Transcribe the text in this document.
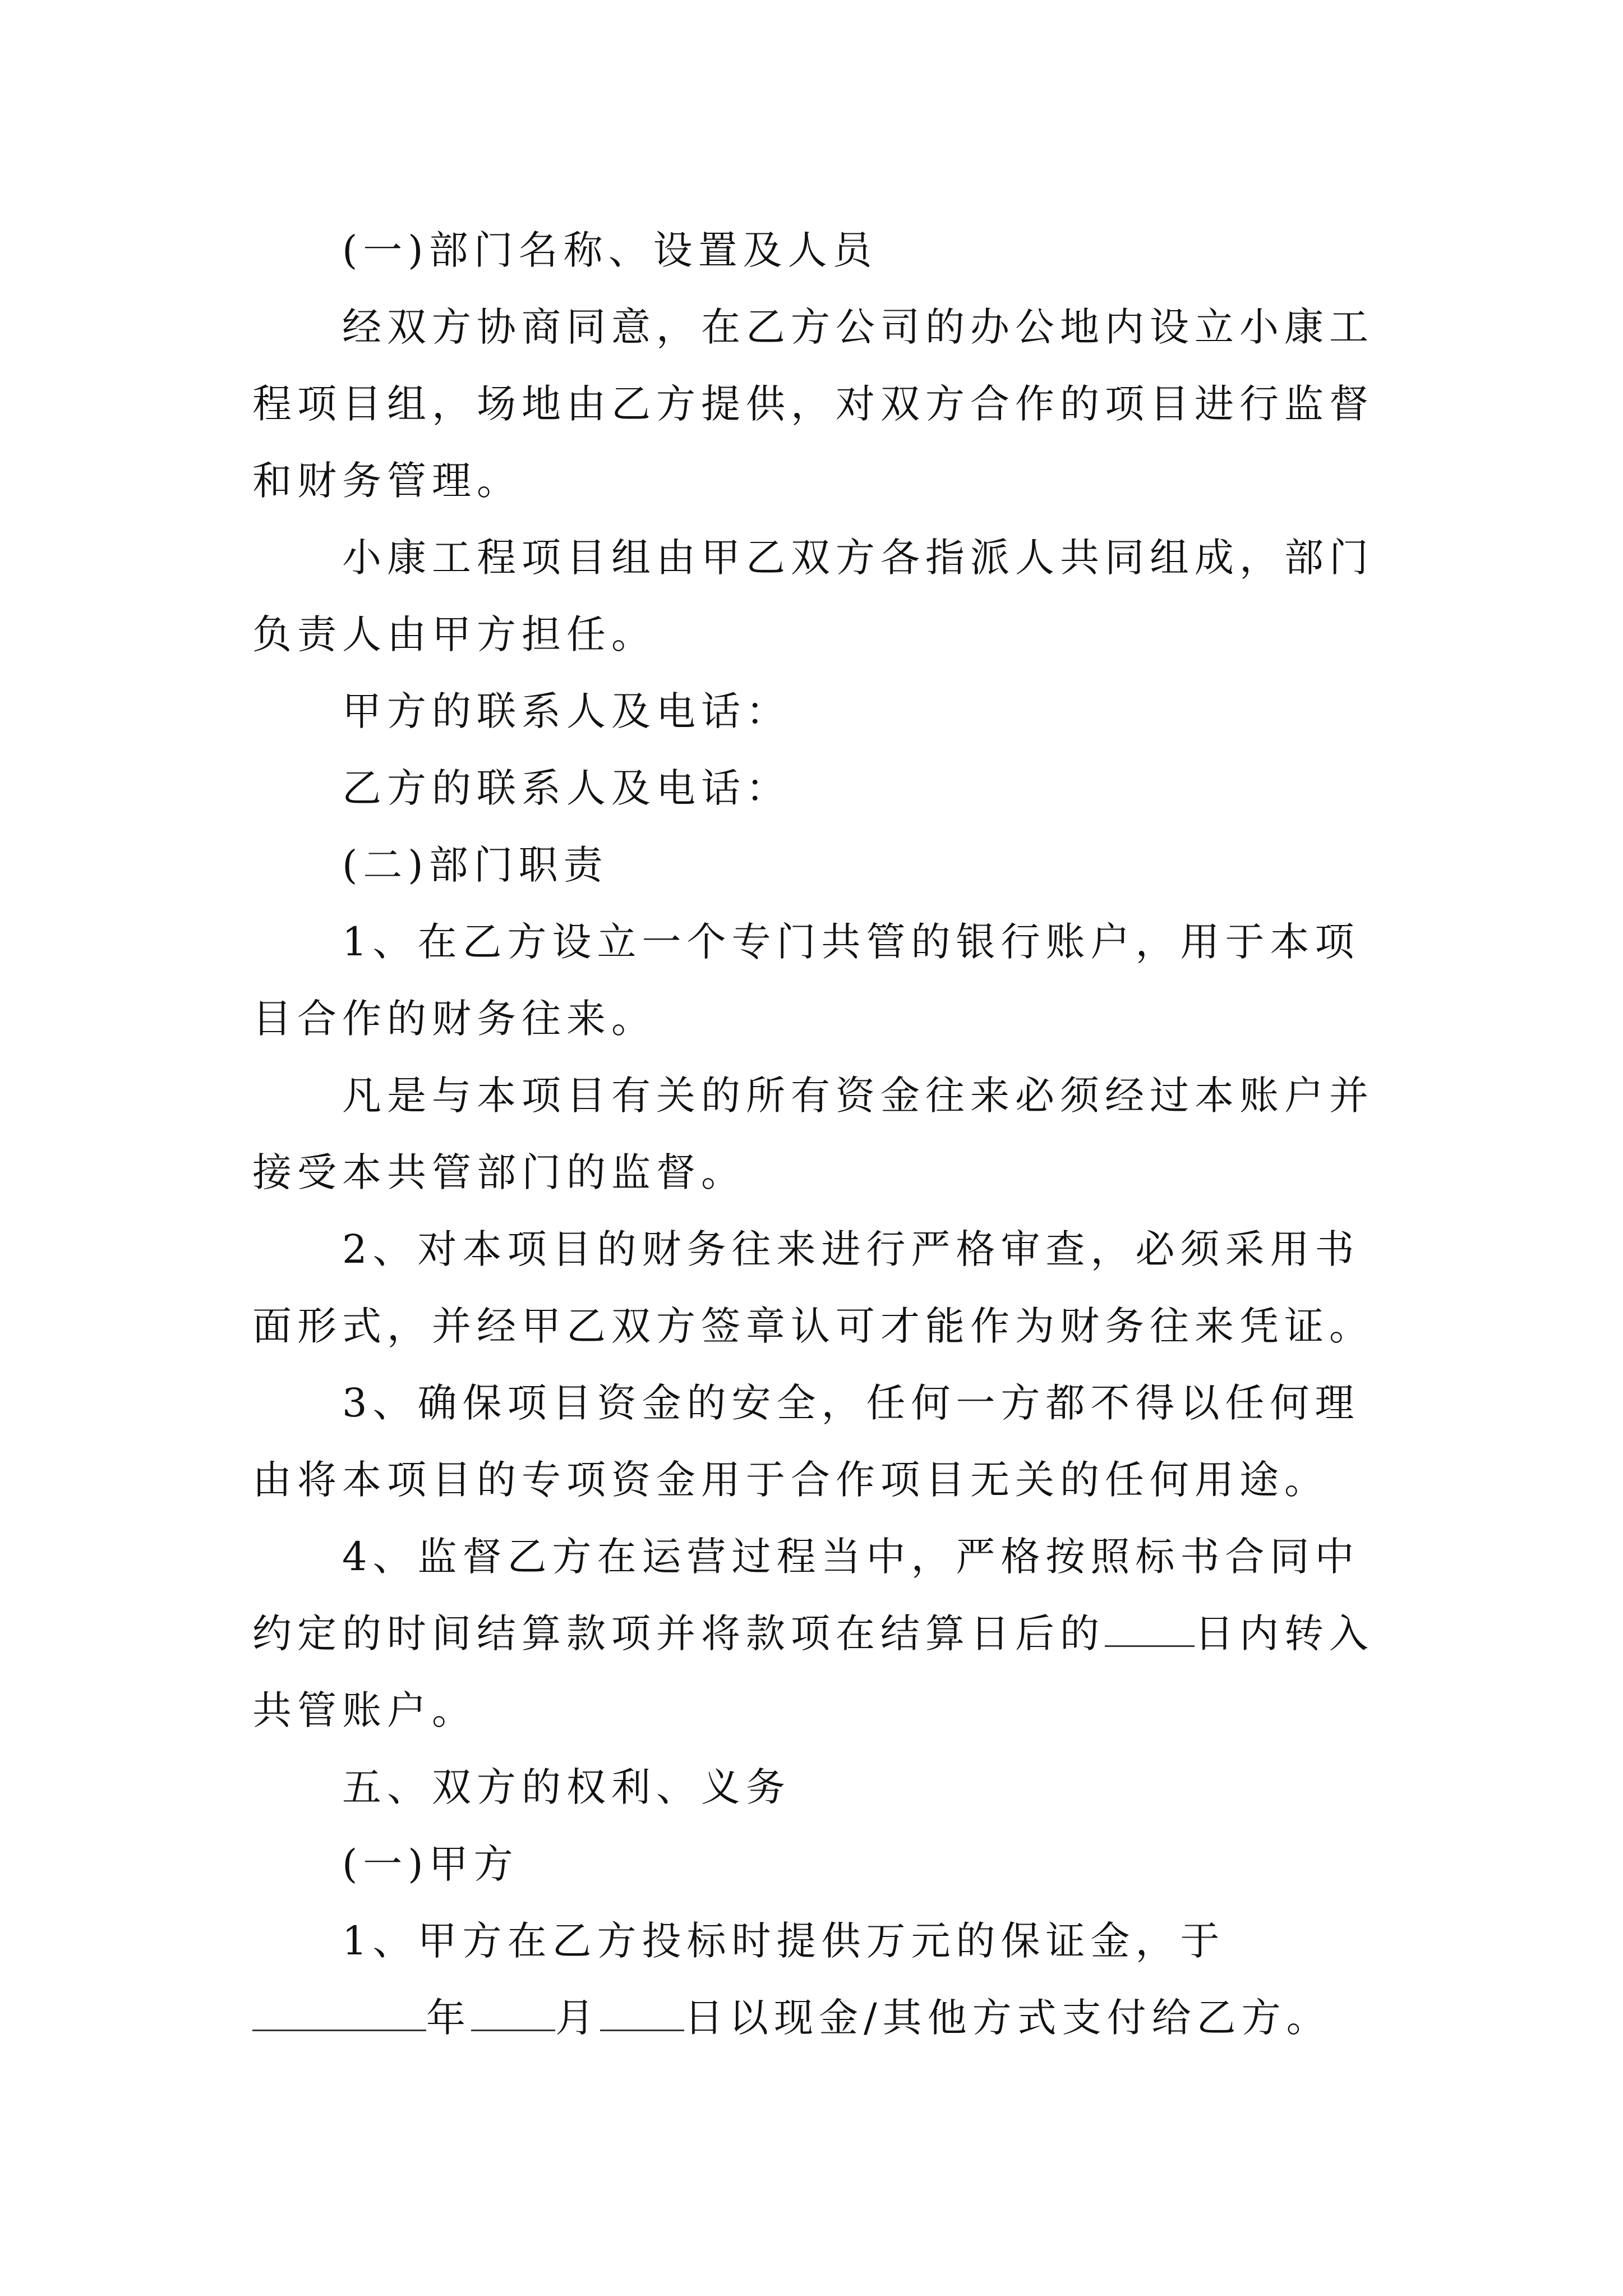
(一)部门名称、设置及人员

经双方协商同意，在乙方公司的办公地内设立小康工程项目组，场地由乙方提供，对双方合作的项目进行监督和财务管理。

小康工程项目组由甲乙双方各指派人共同组成，部门负责人由甲方担任。

甲方的联系人及电话：

乙方的联系人及电话：

(二)部门职责

1、在乙方设立一个专门共管的银行账户，用于本项目合作的财务往来。

凡是与本项目有关的所有资金往来必须经过本账户并接受本共管部门的监督。

2、对本项目的财务往来进行严格审查，必须采用书面形式，并经甲乙双方签章认可才能作为财务往来凭证。

3、确保项目资金的安全，任何一方都不得以任何理由将本项目的专项资金用于合作项目无关的任何用途。

4、监督乙方在运营过程当中，严格按照标书合同中约定的时间结算款项并将款项在结算日后的 日内转入共管账户。

五、双方的权利、义务

(一)甲方

1、甲方在乙方投标时提供万元的保证金，于年 月 日以现金/其他方式支付给乙方。
